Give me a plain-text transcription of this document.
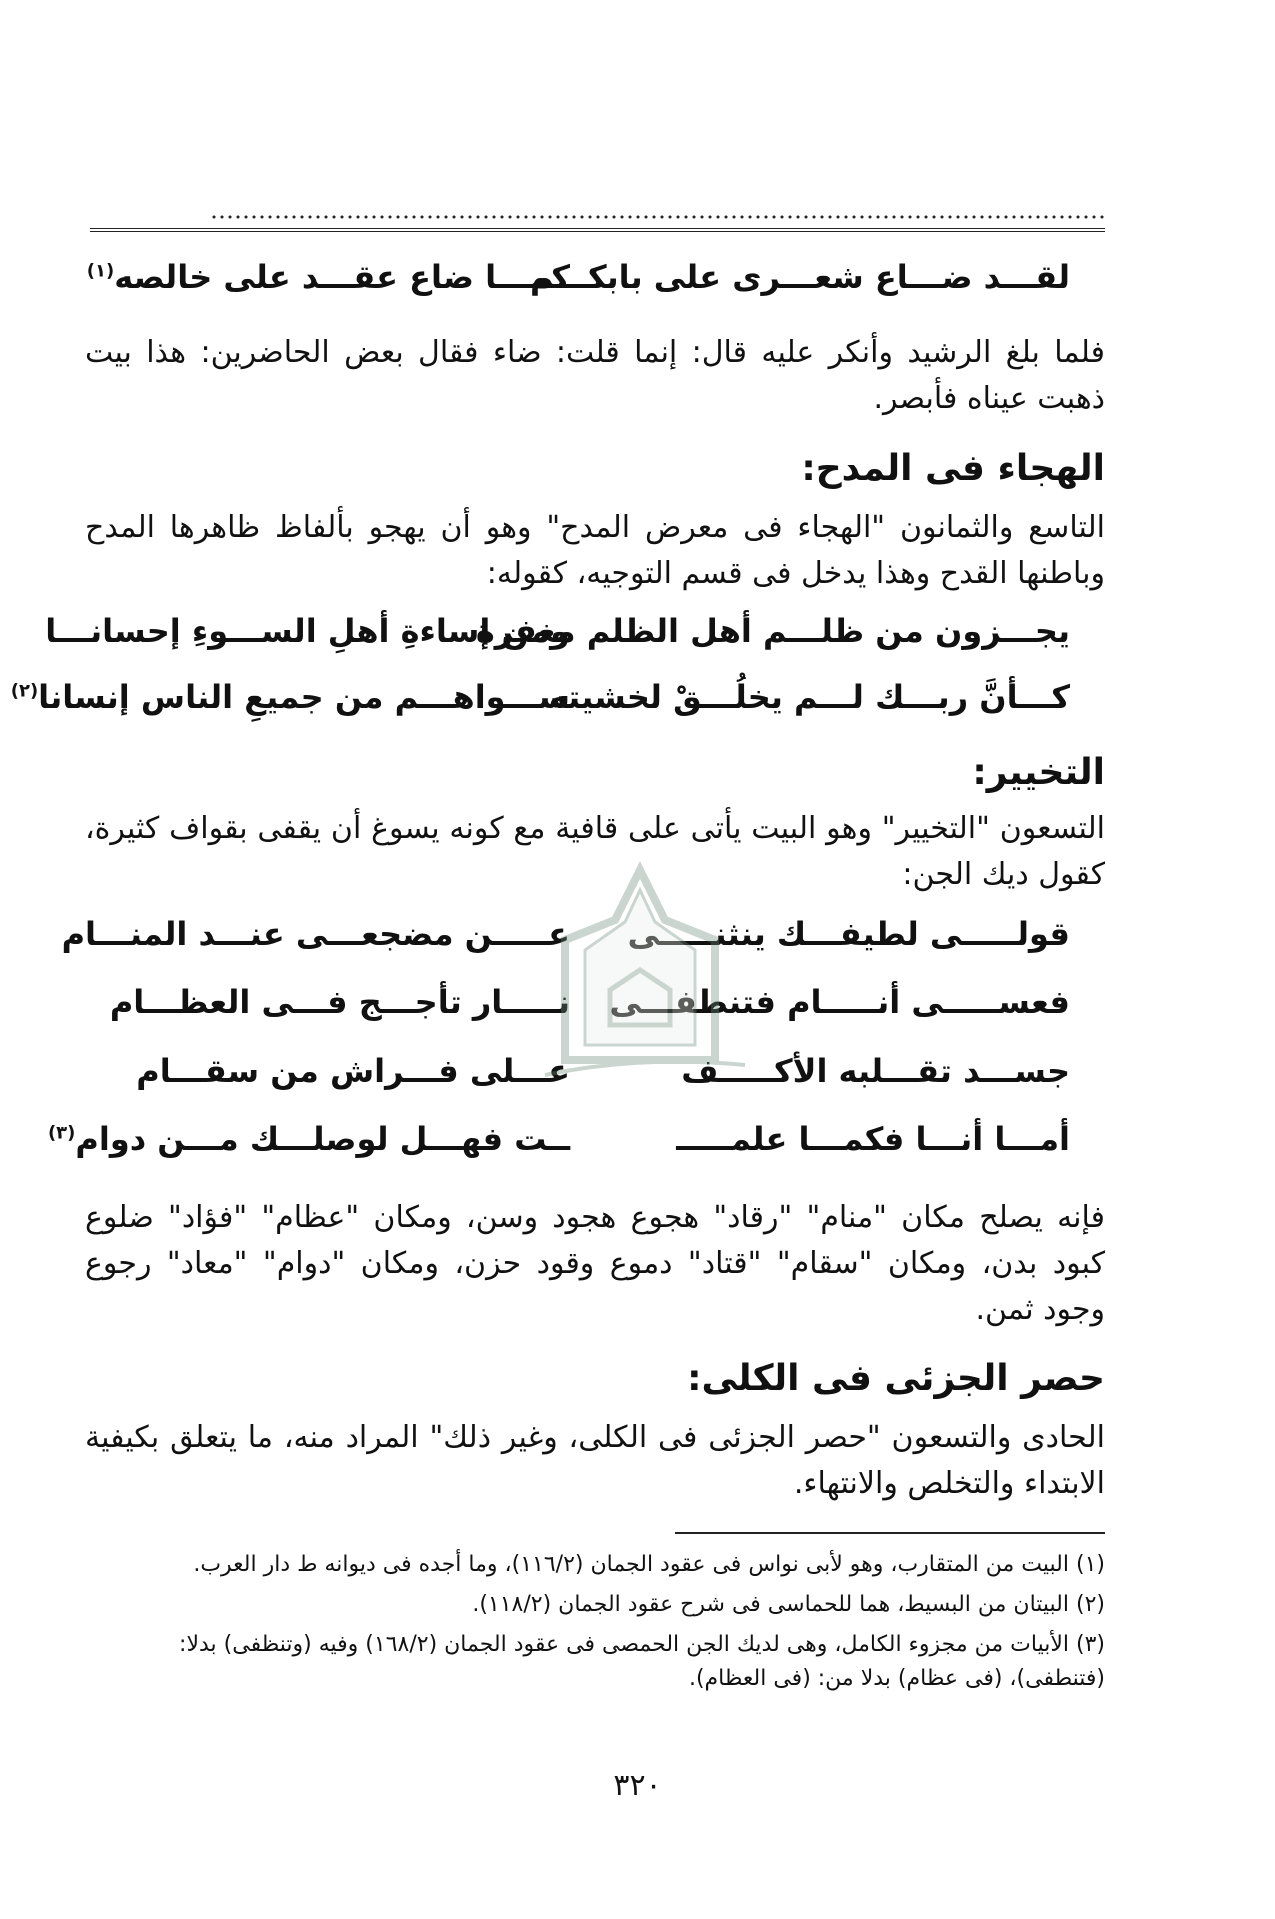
لقـــد ضـــاع شعـــرى على بابكـــم
كمـــا ضاع عقـــد على خالصه$^{(١)}$
فلما بلغ الرشيد وأنكر عليه قال: إنما قلت: ضاء فقال بعض الحاضرين: هذا بيت ذهبت عيناه فأبصر.
الهجاء فى المدح:
التاسع والثمانون "الهجاء فى معرض المدح" وهو أن يهجو بألفاظ ظاهرها المدح وباطنها القدح وهذا يدخل فى قسم التوجيه، كقوله:
يجـــزون من ظلـــم أهل الظلم مغفرة
ومن إساءةِ أهلِ الســـوءِ إحسانـــا
كـــأنَّ ربـــك لـــم يخلُـــقْ لخشيته
ســـواهـــم من جميعِ الناس إنسانا$^{(٢)}$
التخيير:
التسعون "التخيير" وهو البيت يأتى على قافية مع كونه يسوغ أن يقفى بقواف كثيرة، كقول ديك الجن:
قولـــــى لطيفـــك ينثنـــــى
عـــــن مضجعـــى عنـــد المنـــام
فعســـــى أنـــــام فتنطفـــى
نـــــار تأجـــج فـــى العظـــام
جســـد تقـــلبه الأكـــــف
عـــلى فـــراش من سقـــام
أمـــا أنـــا فكمـــا علمـــــ
ــت فهـــل لوصلـــك مـــن دوام$^{(٣)}$
فإنه يصلح مكان "منام" "رقاد" هجوع هجود وسن، ومكان "عظام" "فؤاد" ضلوع كبود بدن، ومكان "سقام" "قتاد" دموع وقود حزن، ومكان "دوام" "معاد" رجوع وجود ثمن.
حصر الجزئى فى الكلى:
الحادى والتسعون "حصر الجزئى فى الكلى، وغير ذلك" المراد منه، ما يتعلق بكيفية الابتداء والتخلص والانتهاء.
(١) البيت من المتقارب، وهو لأبى نواس فى عقود الجمان (١١٦/٢)، وما أجده فى ديوانه ط دار العرب.
(٢) البيتان من البسيط، هما للحماسى فى شرح عقود الجمان (١١٨/٢).
(٣) الأبيات من مجزوء الكامل، وهى لديك الجن الحمصى فى عقود الجمان (١٦٨/٢) وفيه (وتنظفى) بدلا: (فتنطفى)، (فى عظام) بدلا من: (فى العظام).
٣٢٠
